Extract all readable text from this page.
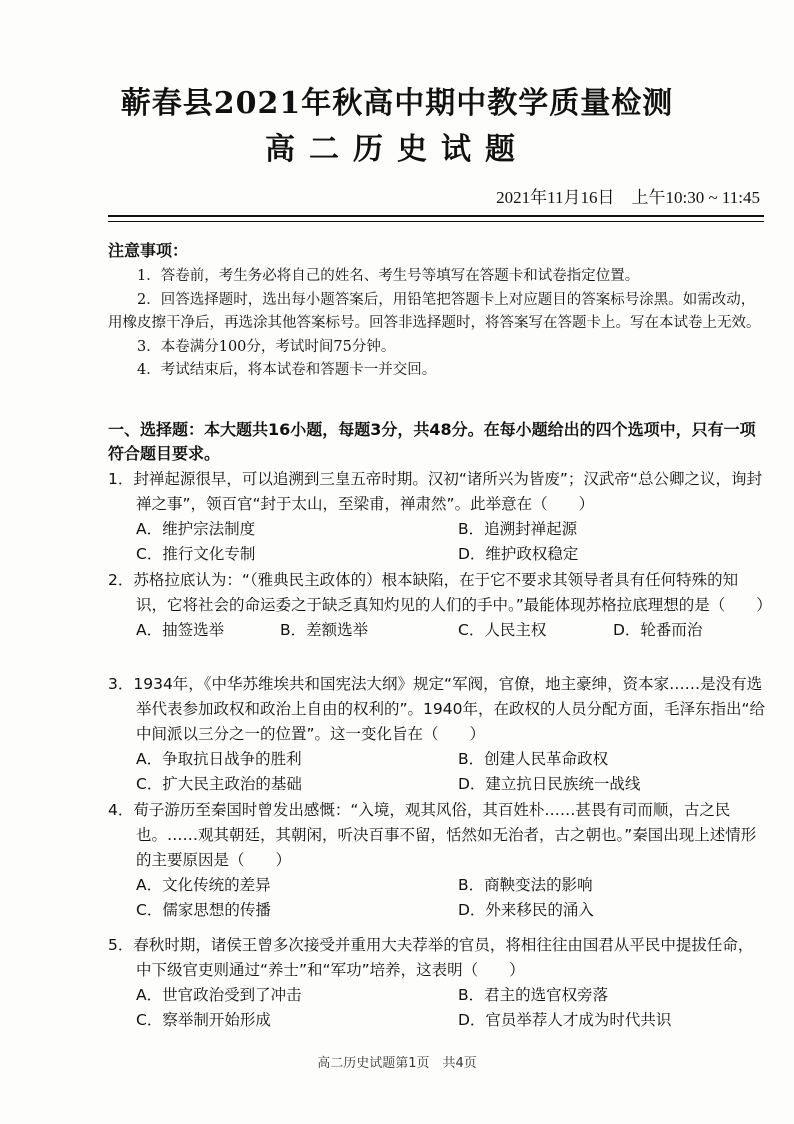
蕲春县2021年秋高中期中教学质量检测
高二历史试题
2021年11月16日　上午10:30 ~ 11:45
注意事项：

1．答卷前，考生务必将自己的姓名、考生号等填写在答题卡和试卷指定位置。

2．回答选择题时，选出每小题答案后，用铅笔把答题卡上对应题目的答案标号涂黑。如需改动，用橡皮擦干净后，再选涂其他答案标号。回答非选择题时，将答案写在答题卡上。写在本试卷上无效。

3．本卷满分100分，考试时间75分钟。

4．考试结束后，将本试卷和答题卡一并交回。

一、选择题：本大题共16小题，每题3分，共48分。在每小题给出的四个选项中，只有一项符合题目要求。

1．封禅起源很早，可以追溯到三皇五帝时期。汉初“诸所兴为皆废”；汉武帝“总公卿之议，询封禅之事”，领百官“封于太山，至梁甫，禅肃然”。此举意在（　　）

A．维护宗法制度	B．追溯封禅起源
C．推行文化专制	D．维护政权稳定

2．苏格拉底认为：“（雅典民主政体的）根本缺陷，在于它不要求其领导者具有任何特殊的知识，它将社会的命运委之于缺乏真知灼见的人们的手中。”最能体现苏格拉底理想的是（　　）

A．抽签选举	B．差额选举	C．人民主权	D．轮番而治

3．1934年，《中华苏维埃共和国宪法大纲》规定“军阀，官僚，地主豪绅，资本家……是没有选举代表参加政权和政治上自由的权利的”。1940年，在政权的人员分配方面，毛泽东指出“给中间派以三分之一的位置”。这一变化旨在（　　）

A．争取抗日战争的胜利	B．创建人民革命政权
C．扩大民主政治的基础	D．建立抗日民族统一战线

4．荀子游历至秦国时曾发出感慨：“入境，观其风俗，其百姓朴……甚畏有司而顺，古之民也。……观其朝廷，其朝闲，听决百事不留，恬然如无治者，古之朝也。”秦国出现上述情形的主要原因是（　　）

A．文化传统的差异	B．商鞅变法的影响
C．儒家思想的传播	D．外来移民的涌入

5．春秋时期，诸侯王曾多次接受并重用大夫荐举的官员，将相往往由国君从平民中提拔任命，中下级官吏则通过“养士”和“军功”培养，这表明（　　）

A．世官政治受到了冲击	B．君主的选官权旁落
C．察举制开始形成	D．官员举荐人才成为时代共识
高二历史试题第1页　共4页
